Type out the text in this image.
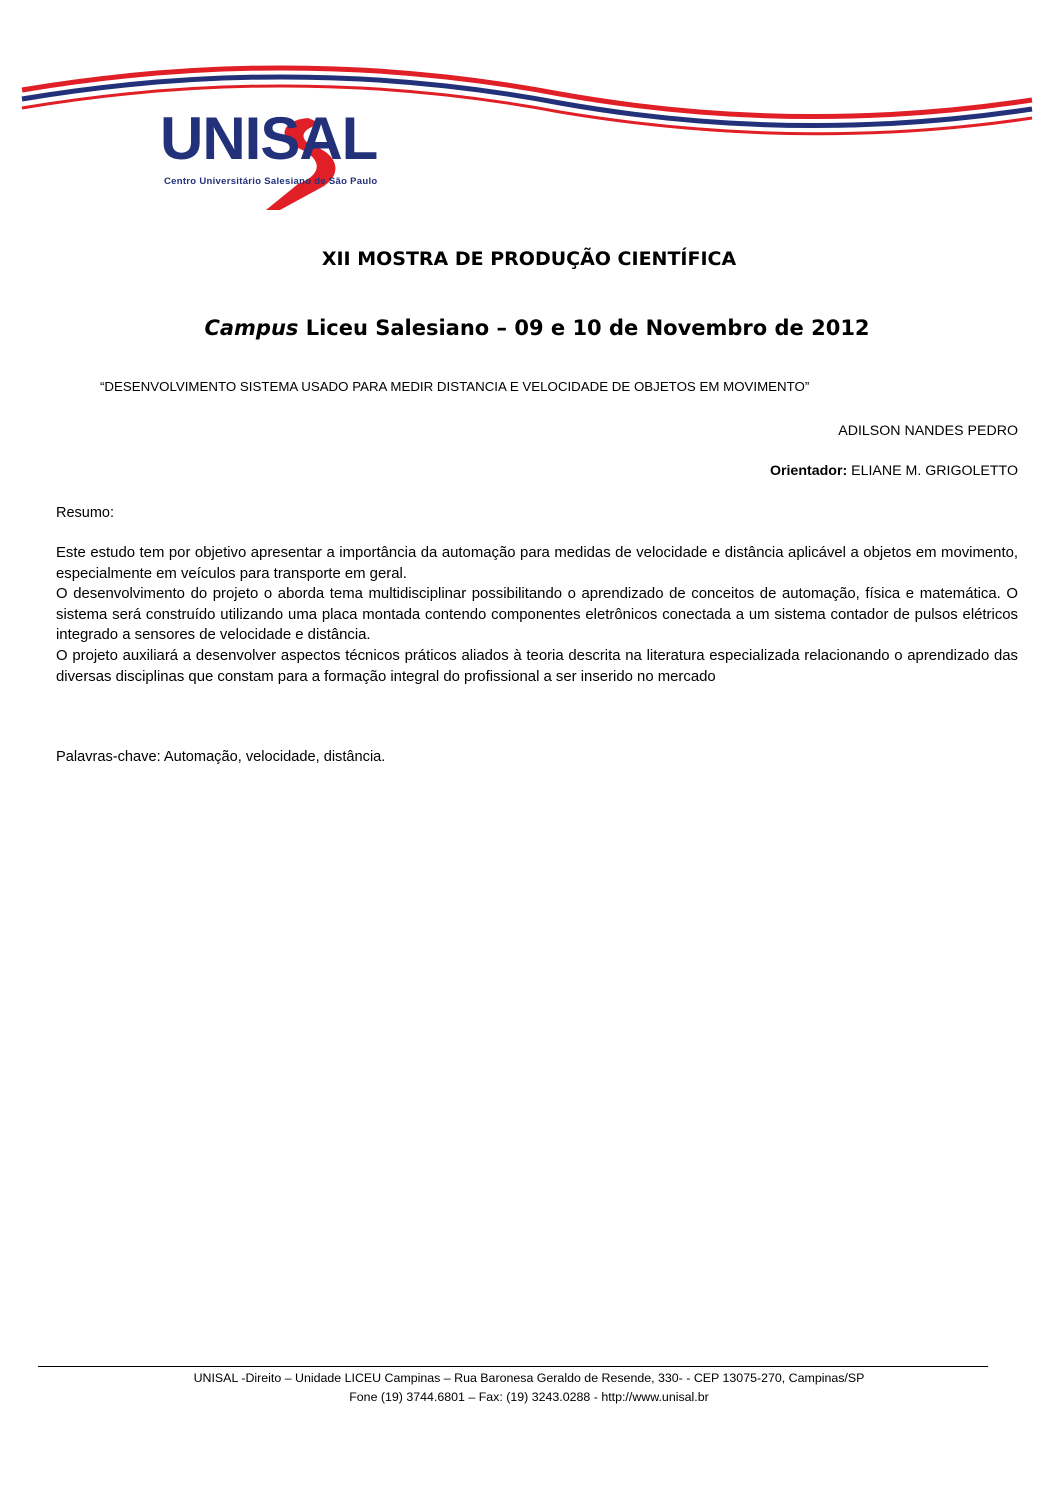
UNISAL
Centro Universitário Salesiano de São Paulo
XII MOSTRA DE PRODUÇÃO CIENTÍFICA
Campus Liceu Salesiano – 09 e 10 de Novembro de 2012
“DESENVOLVIMENTO SISTEMA USADO PARA MEDIR DISTANCIA E VELOCIDADE DE OBJETOS EM MOVIMENTO”
ADILSON NANDES PEDRO
Orientador: ELIANE M. GRIGOLETTO
Resumo:

Este estudo tem por objetivo apresentar a importância da automação para medidas de velocidade e distância aplicável a objetos em movimento, especialmente em veículos para transporte em geral.

O desenvolvimento do projeto o aborda tema multidisciplinar possibilitando o aprendizado de conceitos de automação, física e matemática. O sistema será construído utilizando uma placa montada contendo componentes eletrônicos conectada a um sistema contador de pulsos elétricos integrado a sensores de velocidade e distância.

O projeto auxiliará a desenvolver aspectos técnicos práticos aliados à teoria descrita na literatura especializada relacionando o aprendizado das diversas disciplinas que constam para a formação integral do profissional a ser inserido no mercado

Palavras-chave: Automação, velocidade, distância.
UNISAL -Direito – Unidade LICEU Campinas – Rua Baronesa Geraldo de Resende, 330- - CEP 13075-270, Campinas/SP
Fone (19) 3744.6801 – Fax: (19) 3243.0288 - http://www.unisal.br
